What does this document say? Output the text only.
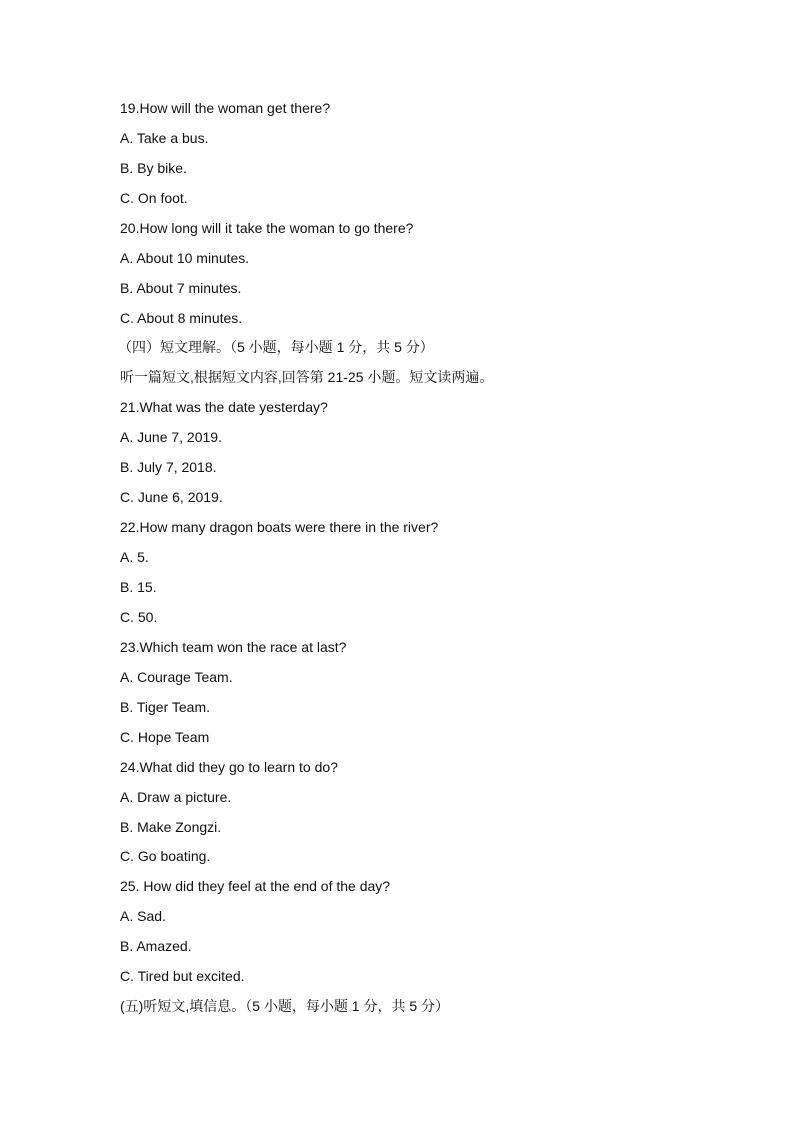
19.How will the woman get there?
A. Take a bus.
B. By bike.
C. On foot.
20.How long will it take the woman to go there?
A. About 10 minutes.
B. About 7 minutes.
C. About 8 minutes.
（四）短文理解。（5 小题，每小题 1 分，共 5 分）
听一篇短文,根据短文内容,回答第 21-25 小题。短文读两遍。
21.What was the date yesterday?
A. June 7, 2019.
B. July 7, 2018.
C. June 6, 2019.
22.How many dragon boats were there in the river?
A. 5.
B. 15.
C. 50.
23.Which team won the race at last?
A. Courage Team.
B. Tiger Team.
C. Hope Team
24.What did they go to learn to do?
A. Draw a picture.
B. Make Zongzi.
C. Go boating.
25. How did they feel at the end of the day?
A. Sad.
B. Amazed.
C. Tired but excited.
(五)听短文,填信息。（5 小题，每小题 1 分，共 5 分）
